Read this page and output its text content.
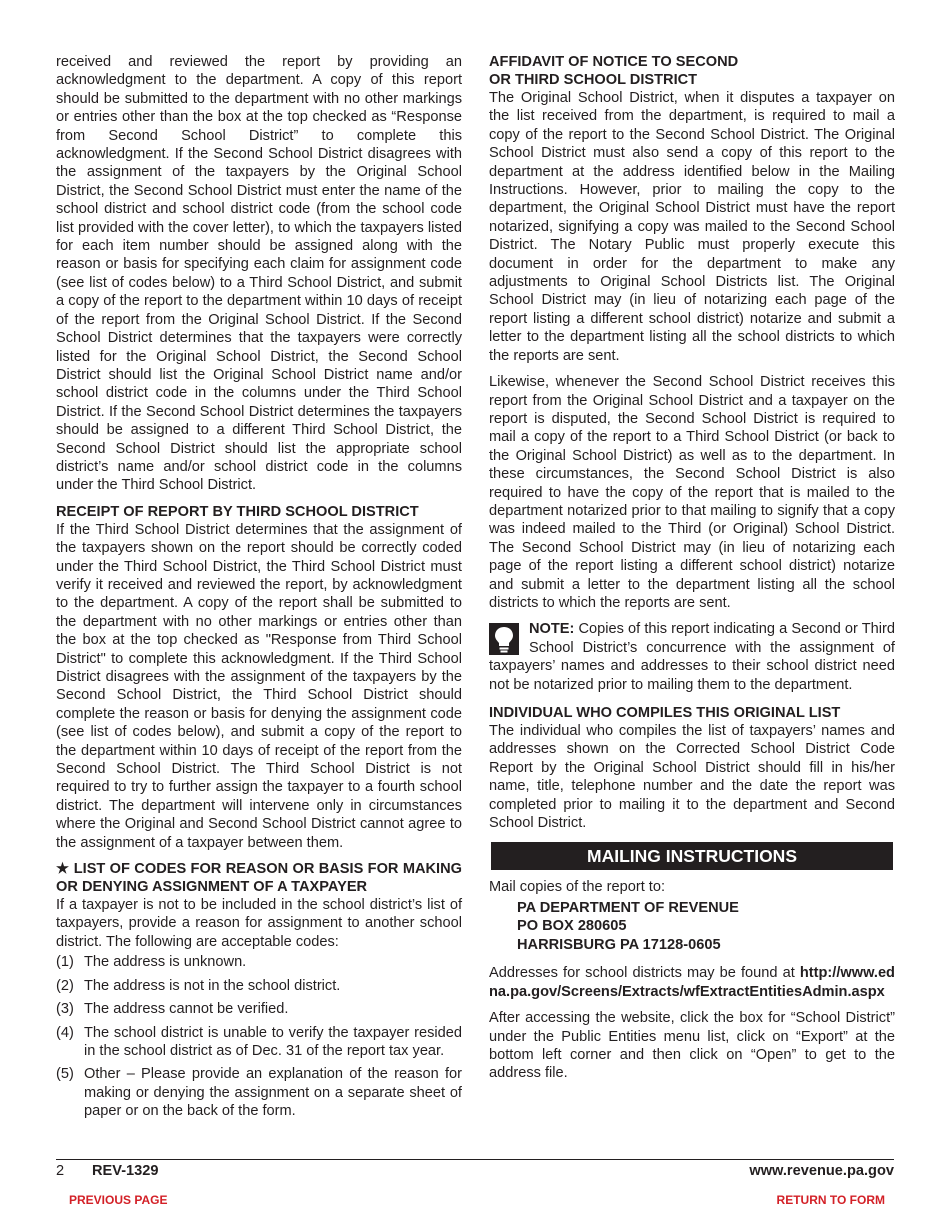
received and reviewed the report by providing an acknowledgment to the department. A copy of this report should be submitted to the department with no other markings or entries other than the box at the top checked as “Response from Second School District” to complete this acknowledgment. If the Second School District disagrees with the assignment of the taxpayers by the Original School District, the Second School District must enter the name of the school district and school district code (from the school code list provided with the cover letter), to which the taxpayers listed for each item number should be assigned along with the reason or basis for specifying each claim for assignment code (see list of codes below) to a Third School District, and submit a copy of the report to the department within 10 days of receipt of the report from the Original School District. If the Second School District determines that the taxpayers were correctly listed for the Original School District, the Second School District should list the Original School District name and/or school district code in the columns under the Third School District. If the Second School District determines the taxpayers should be assigned to a different Third School District, the Second School District should list the appropriate school district’s name and/or school district code in the columns under the Third School District.

RECEIPT OF REPORT BY THIRD SCHOOL DISTRICT

If the Third School District determines that the assignment of the taxpayers shown on the report should be correctly coded under the Third School District, the Third School District must verify it received and reviewed the report, by acknowledgment to the department. A copy of the report shall be submitted to the department with no other markings or entries other than the box at the top checked as "Response from Third School District" to complete this acknowledgment. If the Third School District disagrees with the assignment of the taxpayers by the Second School District, the Third School District should complete the reason or basis for denying the assignment code (see list of codes below), and submit a copy of the report to the department within 10 days of receipt of the report from the Second School District. The Third School District is not required to try to further assign the taxpayer to a fourth school district. The department will intervene only in circumstances where the Original and Second School District cannot agree to the assignment of a taxpayer between them.

★ LIST OF CODES FOR REASON OR BASIS FOR MAKING OR DENYING ASSIGNMENT OF A TAXPAYER

If a taxpayer is not to be included in the school district’s list of taxpayers, provide a reason for assignment to another school district. The following are acceptable codes:

(1) The address is unknown.
(2) The address is not in the school district.
(3) The address cannot be verified.
(4) The school district is unable to verify the taxpayer resided in the school district as of Dec. 31 of the report tax year.
(5) Other – Please provide an explanation of the reason for making or denying the assignment on a separate sheet of paper or on the back of the form.
AFFIDAVIT OF NOTICE TO SECOND
OR THIRD SCHOOL DISTRICT

The Original School District, when it disputes a taxpayer on the list received from the department, is required to mail a copy of the report to the Second School District. The Original School District must also send a copy of this report to the department at the address identified below in the Mailing Instructions. However, prior to mailing the copy to the department, the Original School District must have the report notarized, signifying a copy was mailed to the Second School District. The Notary Public must properly execute this document in order for the department to make any adjustments to Original School Districts list. The Original School District may (in lieu of notarizing each page of the report listing a different school district) notarize and submit a letter to the department listing all the school districts to which the reports are sent.

Likewise, whenever the Second School District receives this report from the Original School District and a taxpayer on the report is disputed, the Second School District is required to mail a copy of the report to a Third School District (or back to the Original School District) as well as to the department. In these circumstances, the Second School District is also required to have the copy of the report that is mailed to the department notarized prior to that mailing to signify that a copy was indeed mailed to the Third (or Original) School District. The Second School District may (in lieu of notarizing each page of the report listing a different school district) notarize and submit a letter to the department listing all the school districts to which the reports are sent.

NOTE: Copies of this report indicating a Second or Third School District’s concurrence with the assignment of taxpayers’ names and addresses to their school district need not be notarized prior to mailing them to the department.
INDIVIDUAL WHO COMPILES THIS ORIGINAL LIST

The individual who compiles the list of taxpayers’ names and addresses shown on the Corrected School District Code Report by the Original School District should fill in his/her name, title, telephone number and the date the report was completed prior to mailing it to the department and Second School District.

MAILING INSTRUCTIONS

Mail copies of the report to:

PA DEPARTMENT OF REVENUE
PO BOX 280605
HARRISBURG PA 17128-0605

Addresses for school districts may be found at http://www.edna.pa.gov/Screens/Extracts/wfExtractEntitiesAdmin.aspx

After accessing the website, click the box for “School District” under the Public Entities menu list, click on “Export” at the bottom left corner and then click on “Open” to get to the address file.

2 REV-1329	www.revenue.pa.gov
PREVIOUS PAGE	RETURN TO FORM
